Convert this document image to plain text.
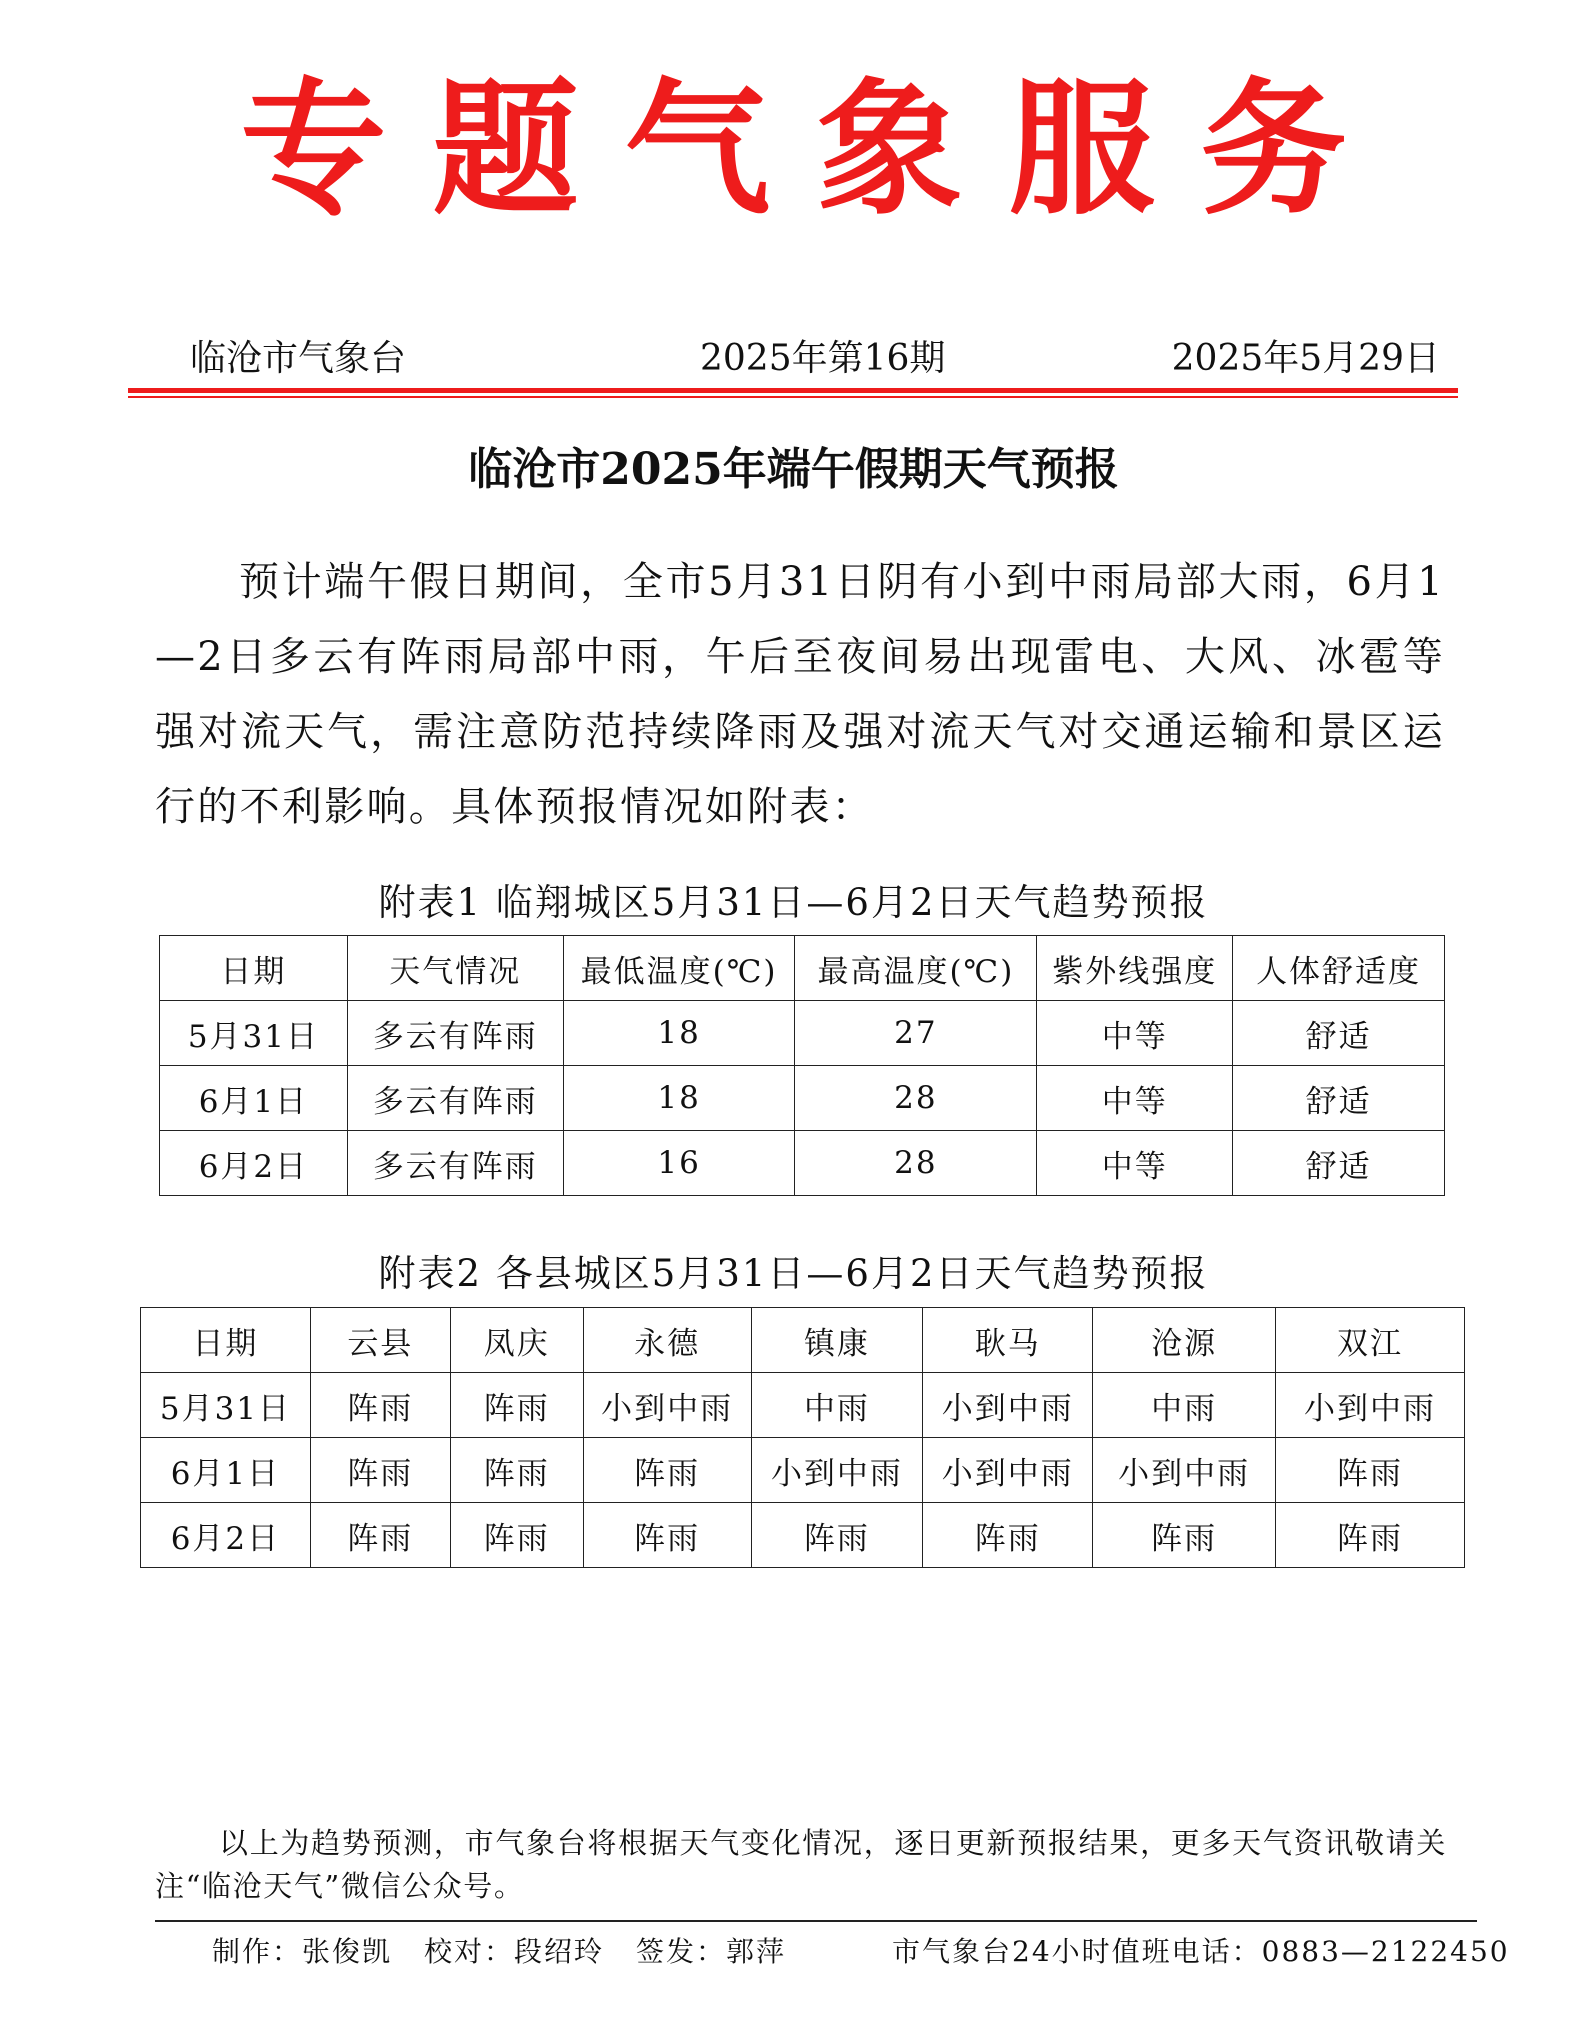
专题气象服务
临沧市气象台	2025年第16期	2025年5月29日
临沧市2025年端午假期天气预报
预计端午假日期间，全市5月31日阴有小到中雨局部大雨，6月1—2日多云有阵雨局部中雨，午后至夜间易出现雷电、大风、冰雹等强对流天气，需注意防范持续降雨及强对流天气对交通运输和景区运行的不利影响。具体预报情况如附表：
附表1 临翔城区5月31日—6月2日天气趋势预报
日期	天气情况	最低温度(℃)	最高温度(℃)	紫外线强度	人体舒适度
5月31日	多云有阵雨	18	27	中等	舒适
6月1日	多云有阵雨	18	28	中等	舒适
6月2日	多云有阵雨	16	28	中等	舒适
附表2 各县城区5月31日—6月2日天气趋势预报
日期	云县	凤庆	永德	镇康	耿马	沧源	双江
5月31日	阵雨	阵雨	小到中雨	中雨	小到中雨	中雨	小到中雨
6月1日	阵雨	阵雨	阵雨	小到中雨	小到中雨	小到中雨	阵雨
6月2日	阵雨	阵雨	阵雨	阵雨	阵雨	阵雨	阵雨
以上为趋势预测，市气象台将根据天气变化情况，逐日更新预报结果，更多天气资讯敬请关注“临沧天气”微信公众号。
制作：张俊凯 校对：段绍玲 签发：郭萍	市气象台24小时值班电话：0883—2122450
